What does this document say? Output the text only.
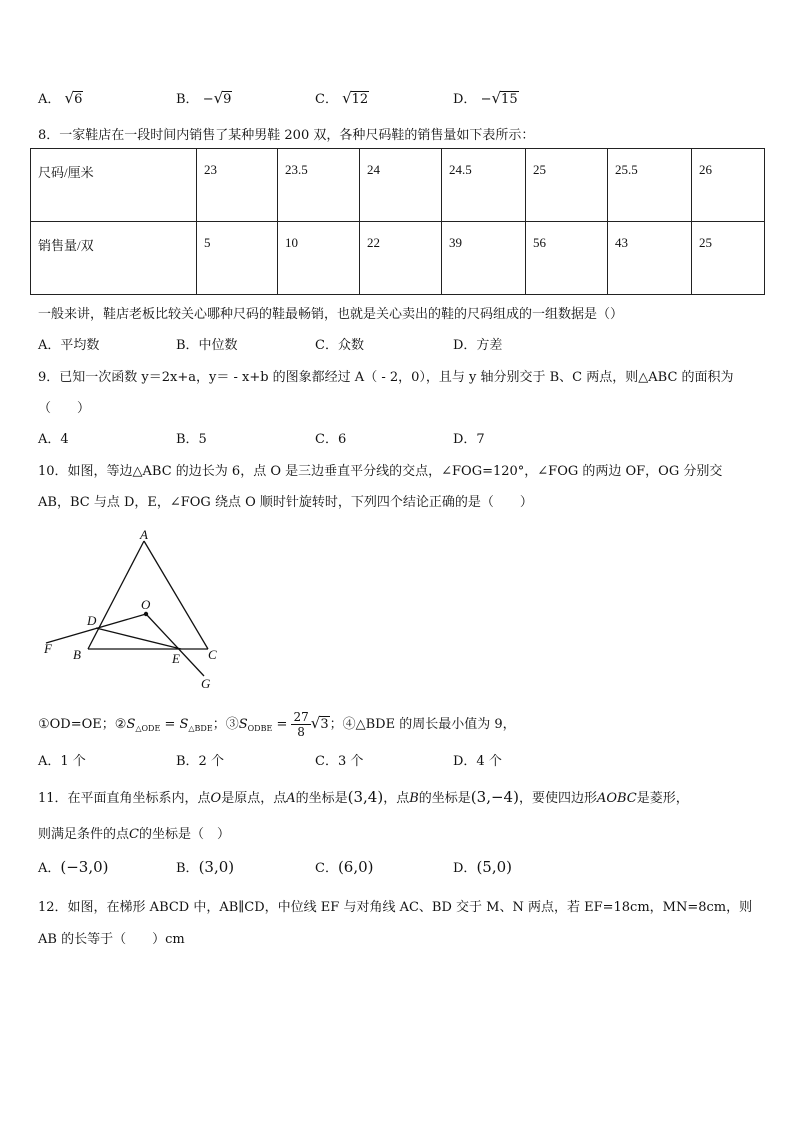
A． √6	B． −√9	C． √12	D． −√15
8．一家鞋店在一段时间内销售了某种男鞋 200 双，各种尺码鞋的销售量如下表所示：
尺码/厘米	23	23.5	24	24.5	25	25.5	26
销售量/双	5	10	22	39	56	43	25
一般来讲，鞋店老板比较关心哪种尺码的鞋最畅销，也就是关心卖出的鞋的尺码组成的一组数据是（）
A．平均数	B．中位数	C．众数	D．方差
9．已知一次函数 y＝2x+a，y＝ - x+b 的图象都经过 A（ - 2，0），且与 y 轴分别交于 B、C 两点，则△ABC 的面积为
（　　）
A．4	B．5	C．6	D．7
10．如图，等边△ABC 的边长为 6，点 O 是三边垂直平分线的交点，∠FOG=120°，∠FOG 的两边 OF，OG 分别交
AB，BC 与点 D，E，∠FOG 绕点 O 顺时针旋转时，下列四个结论正确的是（　　）
A
O
D
F B	E C
G
①OD=OE；$②S_{\triangle ODE} = S_{\triangle BDE}$；$③S_{ODBE} = \frac{27}{8} √3$；④△BDE 的周长最小值为 9，
A．1 个	B．2 个	C．3 个	D．4 个
11．在平面直角坐标系内，点O是原点，点A的坐标是(3,4)，点B的坐标是(3,−4)，要使四边形AOBC是菱形，
则满足条件的点C的坐标是（　）
A．(−3,0)	B．(3,0)	C．(6,0)	D．(5,0)
12．如图，在梯形 ABCD 中，AB∥CD，中位线 EF 与对角线 AC、BD 交于 M、N 两点，若 EF=18cm，MN=8cm，则
AB 的长等于（　　）cm
